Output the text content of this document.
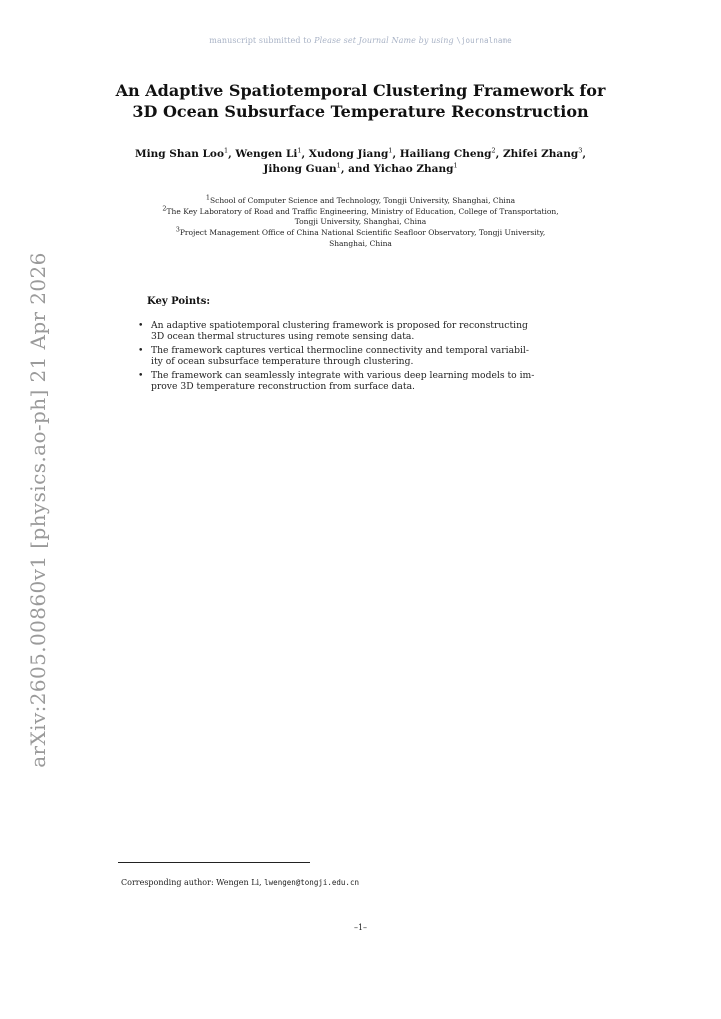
manuscript submitted to Please set Journal Name by using \journalname
An Adaptive Spatiotemporal Clustering Framework for
3D Ocean Subsurface Temperature Reconstruction
Ming Shan Loo$^1$, Wengen Li$^1$, Xudong Jiang$^1$, Hailiang Cheng$^2$, Zhifei Zhang$^3$,
Jihong Guan$^1$, and Yichao Zhang$^1$
$^1$School of Computer Science and Technology, Tongji University, Shanghai, China
$^2$The Key Laboratory of Road and Traffic Engineering, Ministry of Education, College of Transportation,
Tongji University, Shanghai, China
$^3$Project Management Office of China National Scientific Seafloor Observatory, Tongji University,
Shanghai, China
Key Points:
• An adaptive spatiotemporal clustering framework is proposed for reconstructing
3D ocean thermal structures using remote sensing data.
• The framework captures vertical thermocline connectivity and temporal variabil-
ity of ocean subsurface temperature through clustering.
• The framework can seamlessly integrate with various deep learning models to im-
prove 3D temperature reconstruction from surface data.
arXiv:2605.00860v1 [physics.ao-ph] 21 Apr 2026
Corresponding author: Wengen Li, lwengen@tongji.edu.cn
–1–
